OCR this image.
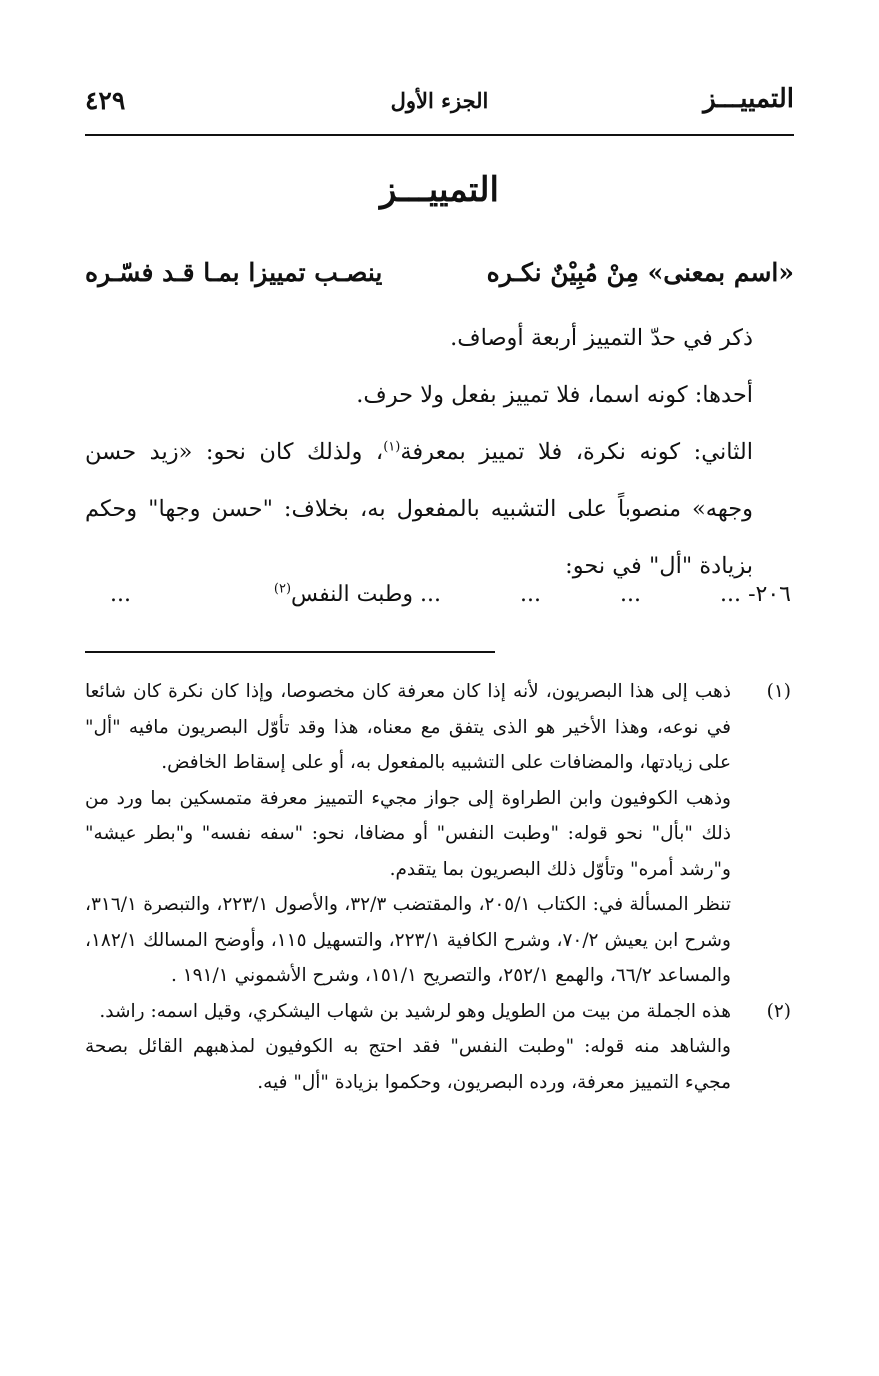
التمييـــز
الجزء الأول
٤٢٩
التمييـــز
«اسم بمعنى» مِنْ مُبِيْنٌ نكـره
ينصـب تمييزا بمـا قـد فسّـره

ذكر في حدّ التمييز أربعة أوصاف.

أحدها: كونه اسما، فلا تمييز بفعل ولا حرف.

الثاني: كونه نكرة، فلا تمييز بمعرفة$^{(١)}$، ولذلك كان نحو: «زيد حسن وجهه» منصوباً على التشبيه بالمفعول به، بخلاف: "حسن وجها" وحكم بزيادة "أل" في نحو:

٢٠٦-
...
...
...
... وطبت النفس$^{(٢)}$
...
(١)

ذهب إلى هذا البصريون، لأنه إذا كان معرفة كان مخصوصا، وإذا كان نكرة كان شائعا في نوعه، وهذا الأخير هو الذى يتفق مع معناه، هذا وقد تأوّل البصريون مافيه "أل" على زيادتها، والمضافات على التشبيه بالمفعول به، أو على إسقاط الخافض.

وذهب الكوفيون وابن الطراوة إلى جواز مجيء التمييز معرفة متمسكين بما ورد من ذلك "بأل" نحو قوله: "وطبت النفس" أو مضافا، نحو: "سفه نفسه" و"بطر عيشه" و"رشد أمره" وتأوّل ذلك البصريون بما يتقدم.

تنظر المسألة في: الكتاب ٢٠٥/١، والمقتضب ٣٢/٣، والأصول ٢٢٣/١، والتبصرة ٣١٦/١، وشرح ابن يعيش ٧٠/٢، وشرح الكافية ٢٢٣/١، والتسهيل ١١٥، وأوضح المسالك ١٨٢/١، والمساعد ٦٦/٢، والهمع ٢٥٢/١، والتصريح ١٥١/١، وشرح الأشموني ١٩١/١ .

(٢)

هذه الجملة من بيت من الطويل وهو لرشيد بن شهاب اليشكري، وقيل اسمه: راشد.

والشاهد منه قوله: "وطبت النفس" فقد احتج به الكوفيون لمذهبهم القائل بصحة مجيء التمييز معرفة، ورده البصريون، وحكموا بزيادة "أل" فيه.
